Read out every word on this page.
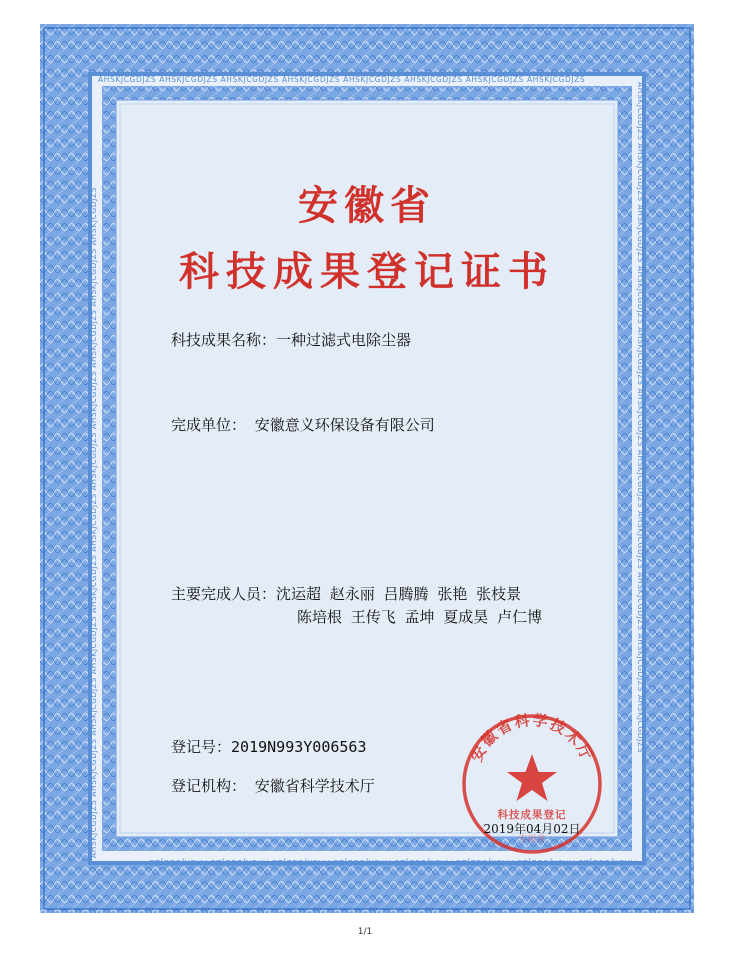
AHSKJCGDJZS AHSKJCGDJZS AHSKJCGDJZS AHSKJCGDJZS AHSKJCGDJZS AHSKJCGDJZS AHSKJCGDJZS AHSKJCGDJZS
AHSKJCGDJZS AHSKJCGDJZS AHSKJCGDJZS AHSKJCGDJZS AHSKJCGDJZS AHSKJCGDJZS AHSKJCGDJZS AHSKJCGDJZS AHSKJCGDJZS AHSKJCGDJZS AHSKJCGDJZS
AHSKJCGDJZS AHSKJCGDJZS AHSKJCGDJZS AHSKJCGDJZS AHSKJCGDJZS AHSKJCGDJZS AHSKJCGDJZS AHSKJCGDJZS
AHSKJCGDJZS AHSKJCGDJZS AHSKJCGDJZS AHSKJCGDJZS AHSKJCGDJZS AHSKJCGDJZS AHSKJCGDJZS AHSKJCGDJZS AHSKJCGDJZS AHSKJCGDJZS AHSKJCGDJZS	安徽省
科技成果登记证书
科技成果名称：一种过滤式电除尘器
完成单位： 安徽意义环保设备有限公司
主要完成人员：沈运超 赵永丽 吕腾腾 张艳 张枝景
陈培根 王传飞 孟坤 夏成昊 卢仁博
登记号：2019N993Y006563
登记机构： 安徽省科学技术厅
安徽省科学技术厅
科技成果登记
专用章
2019年04月02日
1/1
